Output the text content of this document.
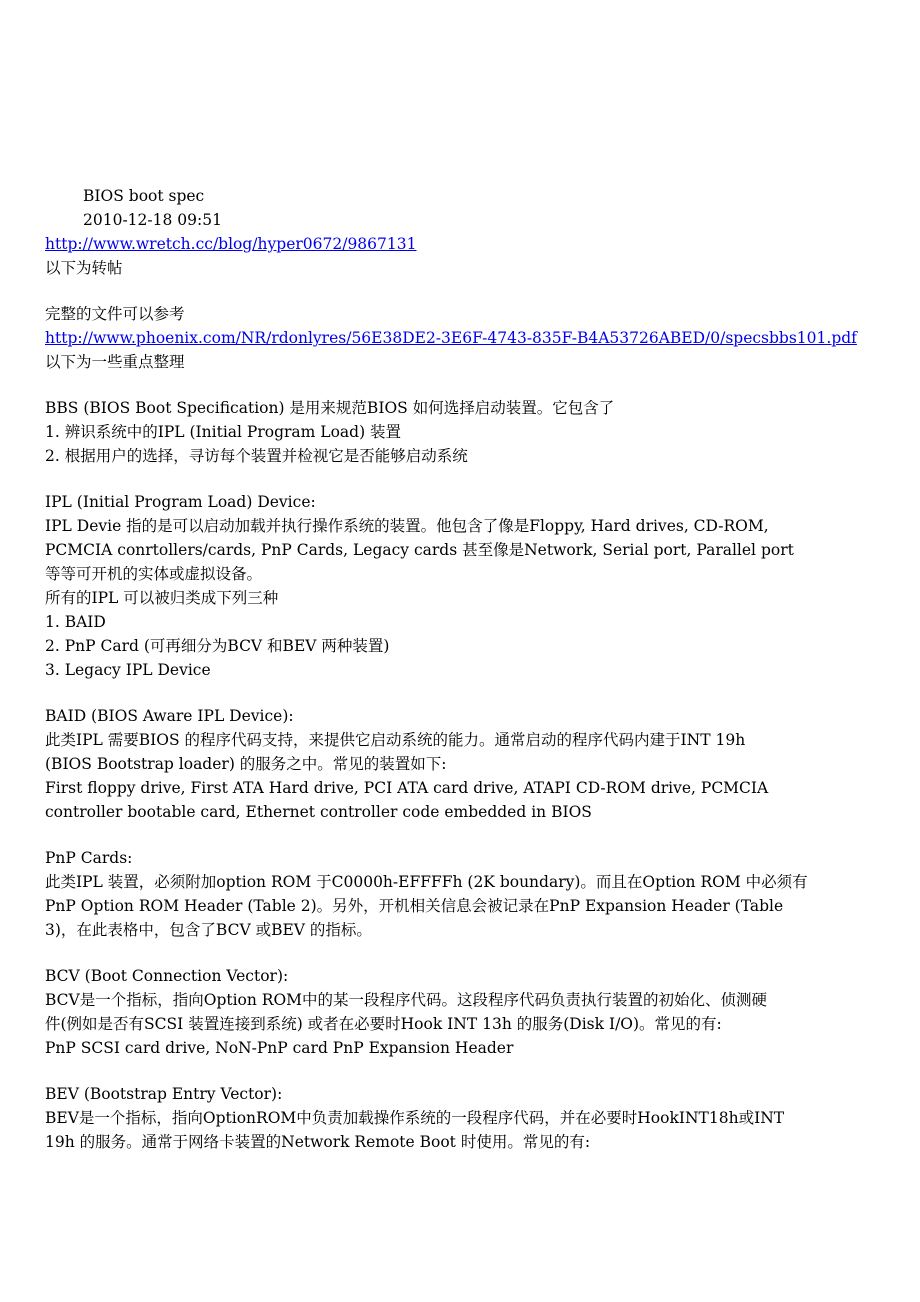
BIOS boot spec
2010-12-18 09:51
http://www.wretch.cc/blog/hyper0672/9867131
以下为转帖
完整的文件可以参考
http://www.phoenix.com/NR/rdonlyres/56E38DE2-3E6F-4743-835F-B4A53726ABED/0/specsbbs101.pdf
以下为一些重点整理
BBS (BIOS Boot Specification) 是用来规范BIOS 如何选择启动装置。它包含了
1. 辨识系统中的IPL (Initial Program Load) 装置
2. 根据用户的选择，寻访每个装置并检视它是否能够启动系统
IPL (Initial Program Load) Device:
IPL Devie 指的是可以启动加载并执行操作系统的装置。他包含了像是Floppy, Hard drives, CD-ROM,
PCMCIA conrtollers/cards, PnP Cards, Legacy cards 甚至像是Network, Serial port, Parallel port
等等可开机的实体或虚拟设备。
所有的IPL 可以被归类成下列三种
1. BAID
2. PnP Card (可再细分为BCV 和BEV 两种装置)
3. Legacy IPL Device
BAID (BIOS Aware IPL Device):
此类IPL 需要BIOS 的程序代码支持，来提供它启动系统的能力。通常启动的程序代码内建于INT 19h
(BIOS Bootstrap loader) 的服务之中。常见的装置如下:
First floppy drive, First ATA Hard drive, PCI ATA card drive, ATAPI CD-ROM drive, PCMCIA
controller bootable card, Ethernet controller code embedded in BIOS
PnP Cards:
此类IPL 装置，必须附加option ROM 于C0000h-EFFFFh (2K boundary)。而且在Option ROM 中必须有
PnP Option ROM Header (Table 2)。另外，开机相关信息会被记录在PnP Expansion Header (Table
3)，在此表格中，包含了BCV 或BEV 的指标。
BCV (Boot Connection Vector):
BCV是一个指标，指向Option ROM中的某一段程序代码。这段程序代码负责执行装置的初始化、侦测硬
件(例如是否有SCSI 装置连接到系统) 或者在必要时Hook INT 13h 的服务(Disk I/O)。常见的有:
PnP SCSI card drive, NoN-PnP card PnP Expansion Header
BEV (Bootstrap Entry Vector):
BEV是一个指标，指向OptionROM中负责加载操作系统的一段程序代码，并在必要时HookINT18h或INT
19h 的服务。通常于网络卡装置的Network Remote Boot 时使用。常见的有:
